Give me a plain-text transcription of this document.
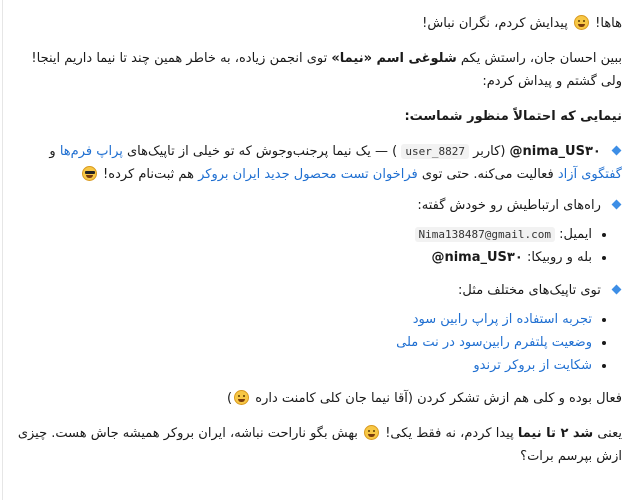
هاها!  پیدایش کردم، نگران نباش!

ببین احسان جان، راستش یکم شلوغی اسم «نیما» توی انجمن زیاده، به خاطر همین چند تا نیما داریم اینجا! ولی گشتم و پیداش کردم:

نیمایی که احتمالاً منظور شماست:

@nima_US۳۰ (کاربر user_8827 ) — یک نیما پرجنب‌وجوش که تو خیلی از تاپیک‌های پراپ فرم‌ها و گفتگوی آزاد فعالیت می‌کنه. حتی توی فراخوان تست محصول جدید ایران بروکر هم ثبت‌نام کرده!

راه‌های ارتباطیش رو خودش گفته:

• ایمیل: Nima138487@gmail.com
• بله و روبیکا: @nima_US۳۰

توی تاپیک‌های مختلف مثل:

• تجربه استفاده از پراپ رابین سود
• وضعیت پلتفرم رابین‌سود در نت ملی
• شکایت از بروکر ترندو

فعال بوده و کلی هم ازش تشکر کردن (آقا نیما جان کلی کامنت داره )

یعنی شد ۲ تا نیما پیدا کردم، نه فقط یکی!  بهش بگو ناراحت نباشه، ایران بروکر همیشه جاش هست. چیزی ازش بپرسم برات؟
